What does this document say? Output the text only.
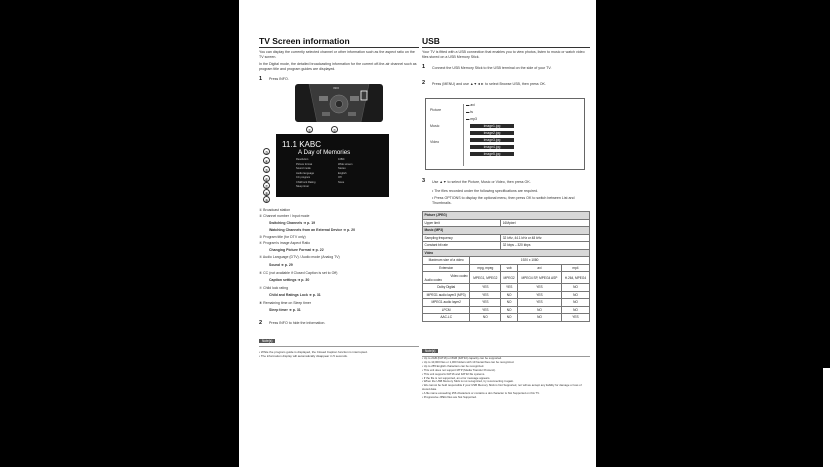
TV Screen information
You can display the currently selected channel or other information such as the aspect ratio on the TV screen.
In the Digital mode, the detailed broadcasting information for the current off-the-air channel such as program title and program guides are displayed.
1 Press INFO.
INFO
①	②
11.1 KABC
A Day of Memories
Resolution	1080i
Picture format	Wide screen
Sound mode	Stereo
Audio language	English
CC program	Off
Child lock Rating	None
Sleep timer
③
④
⑤
⑥
⑦
⑧
⑨
① Broadcast station
② Channel number / Input mode
Switching Channels ➜ p. 19
Watching Channels from an External Device ➜ p. 20
③ Program title (for DTV only)
④ Program's image Aspect Ratio
Changing Picture Format ➜ p. 22
⑤ Audio Language (DTV) / Audio mode (Analog TV)
Sound ➜ p. 29
⑥ CC (not available if Closed Caption is set to Off)
Caption settings ➜ p. 30
⑦ Child lock rating
Child and Ratings Lock ➜ p. 31
⑧ Remaining time on Sleep timer
Sleep timer ➜ p. 31
2 Press INFO to hide the information.
Note(s)
• While the program guide is displayed, the Closed Caption function is interrupted.
• The information display will automatically disappear in 5 seconds.
USB
Your TV is fitted with a USB connection that enables you to view photos, listen to music or watch video files stored on a USB Memory Stick.
1 Connect the USB Memory Stick to the USB terminal on the side of your TV.
2 Press (MENU) and use ▲▼◄► to select Browse USB, then press OK.
Picture
Music
Video
▬ avi
▬ ts
▬ mp3
Image1.jpg
Image2.jpg
Image3.jpg
Image4.jpg
Image5.jpg
3 Use ▲▼ to select the Picture, Music or Video, then press OK.
• The files recorded under the following specifications are required.
• Press OPTIONS to display the optional menu, then press OK to switch between List and Thumbnails.
Picture (JPEG)				
Upper limit		16Mpixel		
Music (MP3)				
Sampling frequency		32 kHz, 44.1 kHz or 48 kHz		
Constant bit rate		32 kbps – 320 kbps		
Video				
Maximum size of a video	1920 x 1080			
Extension	mpg, mpeg	vob	avi	mp4

Video codec
Audio codec	MPEG1, MPEG2	MPEG2	MPEG4 SP, MPEG4 ASP	H.264, MPEG4
Dolby Digital	YES	YES	YES	NO
MPEG1 audio layer3 (MP3)	YES	NO	YES	NO
MPEG1 audio layer2	YES	NO	YES	NO
LPCM	YES	NO	NO	NO
AAC-LC	NO	NO	NO	YES
Note(s)
• Up to 2GB (FAT16) or 8GB (FAT32) capacity can be supported.
• Up to 10,000 files or 1,000 folders with 19 hierarchies can be recognized.
• Up to 255 English characters can be recognized.
• This unit does not support MTP (Media Transfer Protocol).
• This unit supports FAT16 and FAT32 file systems.
• If the file is not supported, an error message appears.
• When the USB Memory Stick is not recognized, try reconnecting it again.
• We cannot be held responsible if your USB Memory Stick is Not Supported, nor will we accept any liability for damage or loss of stored data.
• A file name exceeding 256 characters or contains a dot character is Not Supported on this TV.
• Progressive JPEG files are Not Supported.
